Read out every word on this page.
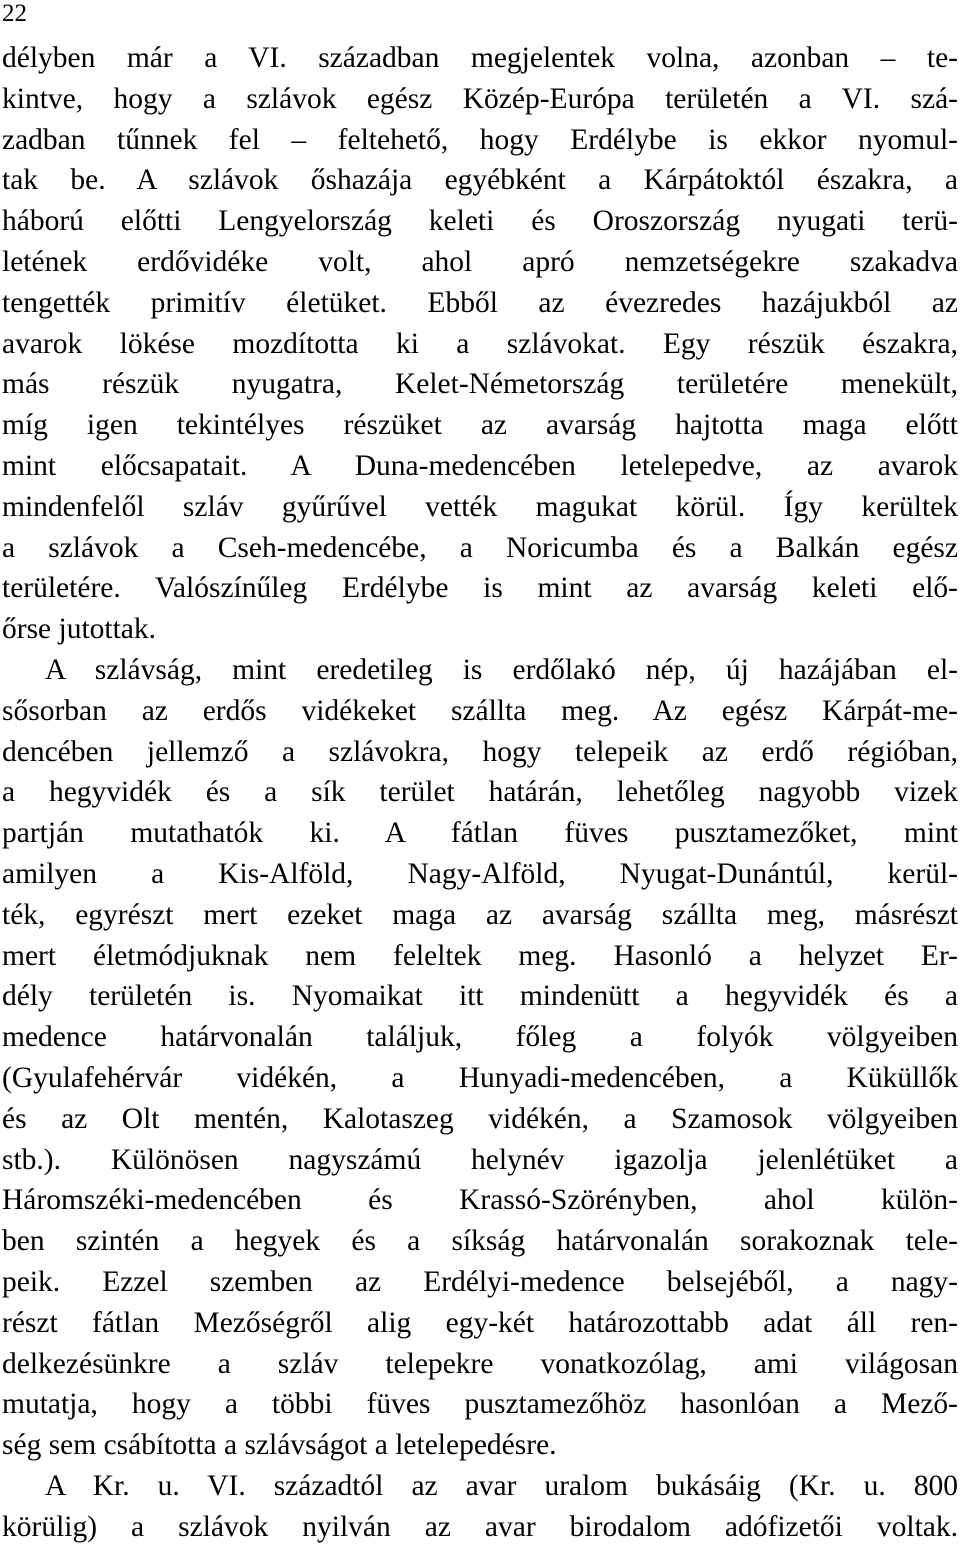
22
délyben már a VI. században megjelentek volna, azonban – te-
kintve, hogy a szlávok egész Közép-Európa területén a VI. szá-
zadban tűnnek fel – feltehető, hogy Erdélybe is ekkor nyomul-
tak be. A szlávok őshazája egyébként a Kárpátoktól északra, a
háború előtti Lengyelország keleti és Oroszország nyugati terü-
letének erdővidéke volt, ahol apró nemzetségekre szakadva
tengették primitív életüket. Ebből az évezredes hazájukból az
avarok lökése mozdította ki a szlávokat. Egy részük északra,
más részük nyugatra, Kelet-Németország területére menekült,
míg igen tekintélyes részüket az avarság hajtotta maga előtt
mint előcsapatait. A Duna-medencében letelepedve, az avarok
mindenfelől szláv gyűrűvel vették magukat körül. Így kerültek
a szlávok a Cseh-medencébe, a Noricumba és a Balkán egész
területére. Valószínűleg Erdélybe is mint az avarság keleti elő-
őrse jutottak.
A szlávság, mint eredetileg is erdőlakó nép, új hazájában el-
sősorban az erdős vidékeket szállta meg. Az egész Kárpát-me-
dencében jellemző a szlávokra, hogy telepeik az erdő régióban,
a hegyvidék és a sík terület határán, lehetőleg nagyobb vizek
partján mutathatók ki. A fátlan füves pusztamezőket, mint
amilyen a Kis-Alföld, Nagy-Alföld, Nyugat-Dunántúl, kerül-
ték, egyrészt mert ezeket maga az avarság szállta meg, másrészt
mert életmódjuknak nem feleltek meg. Hasonló a helyzet Er-
dély területén is. Nyomaikat itt mindenütt a hegyvidék és a
medence határvonalán találjuk, főleg a folyók völgyeiben
(Gyulafehérvár vidékén, a Hunyadi-medencében, a Küküllők
és az Olt mentén, Kalotaszeg vidékén, a Szamosok völgyeiben
stb.). Különösen nagyszámú helynév igazolja jelenlétüket a
Háromszéki-medencében és Krassó-Szörényben, ahol külön-
ben szintén a hegyek és a síkság határvonalán sorakoznak tele-
peik. Ezzel szemben az Erdélyi-medence belsejéből, a nagy-
részt fátlan Mezőségről alig egy-két határozottabb adat áll ren-
delkezésünkre a szláv telepekre vonatkozólag, ami világosan
mutatja, hogy a többi füves pusztamezőhöz hasonlóan a Mező-
ség sem csábította a szlávságot a letelepedésre.
A Kr. u. VI. századtól az avar uralom bukásáig (Kr. u. 800
körülig) a szlávok nyilván az avar birodalom adófizetői voltak.
